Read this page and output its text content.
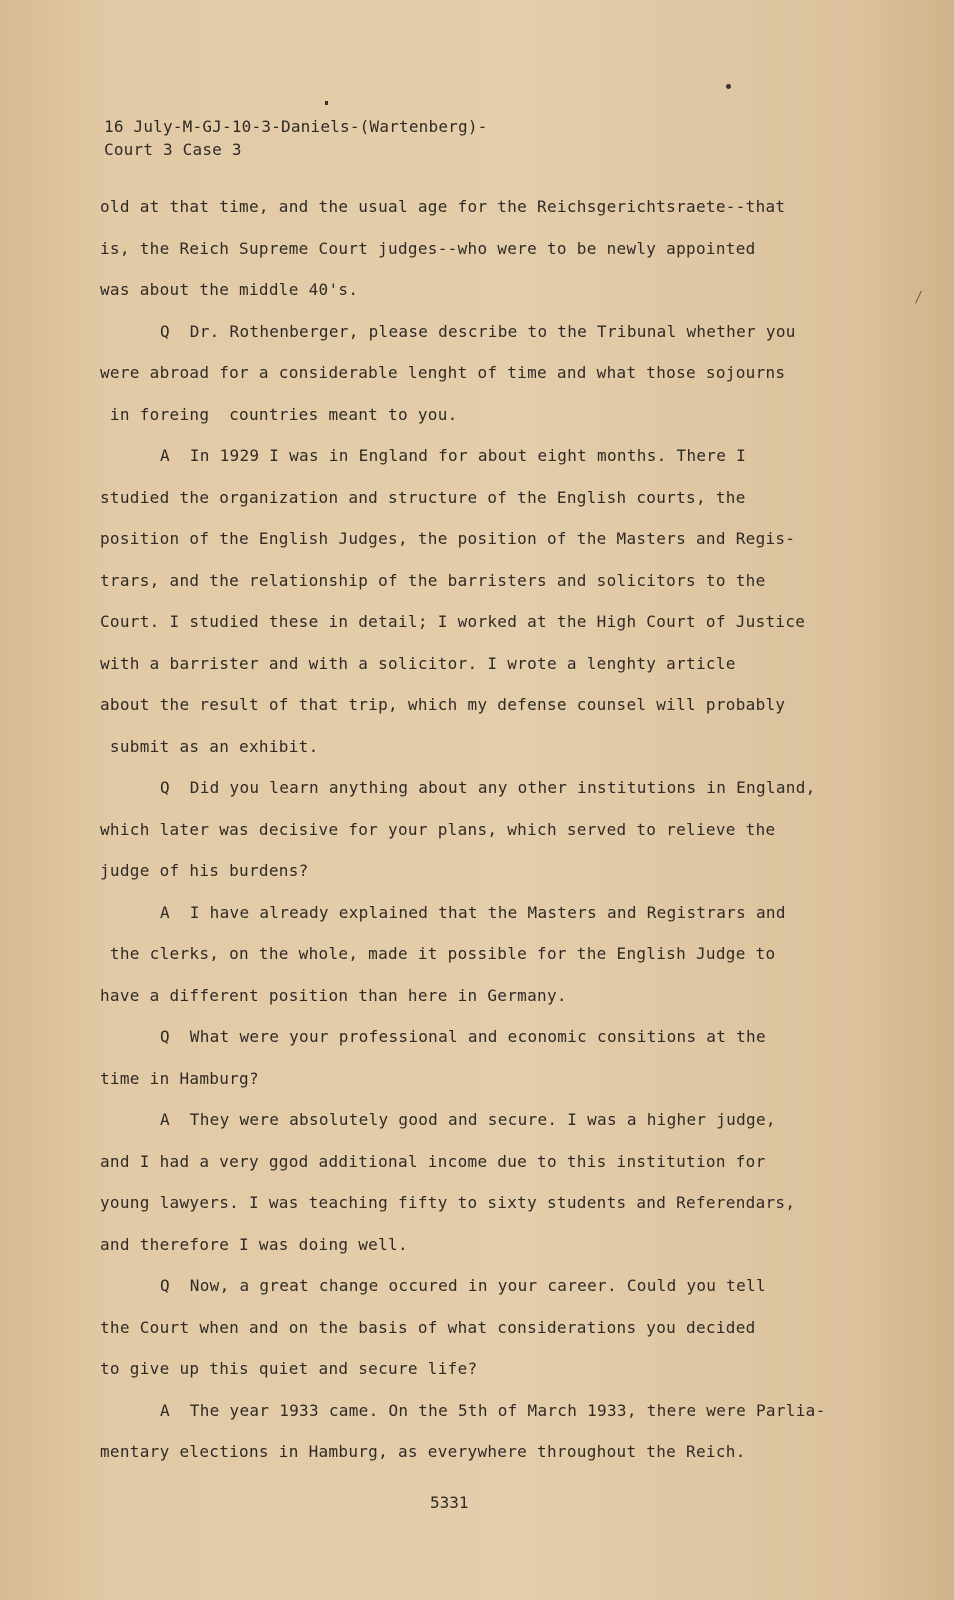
16 July-M-GJ-10-3-Daniels-(Wartenberg)-
Court 3 Case 3
old at that time, and the usual age for the Reichsgerichtsraete--that
is, the Reich Supreme Court judges--who were to be newly appointed
was about the middle 40's.
Q  Dr. Rothenberger, please describe to the Tribunal whether you
were abroad for a considerable lenght of time and what those sojourns
in foreing  countries meant to you.
A  In 1929 I was in England for about eight months. There I
studied the organization and structure of the English courts, the
position of the English Judges, the position of the Masters and Regis-
trars, and the relationship of the barristers and solicitors to the
Court. I studied these in detail; I worked at the High Court of Justice
with a barrister and with a solicitor. I wrote a lenghty article
about the result of that trip, which my defense counsel will probably
submit as an exhibit.
Q  Did you learn anything about any other institutions in England,
which later was decisive for your plans, which served to relieve the
judge of his burdens?
A  I have already explained that the Masters and Registrars and
the clerks, on the whole, made it possible for the English Judge to
have a different position than here in Germany.
Q  What were your professional and economic consitions at the
time in Hamburg?
A  They were absolutely good and secure. I was a higher judge,
and I had a very ggod additional income due to this institution for
young lawyers. I was teaching fifty to sixty students and Referendars,
and therefore I was doing well.
Q  Now, a great change occured in your career. Could you tell
the Court when and on the basis of what considerations you decided
to give up this quiet and secure life?
A  The year 1933 came. On the 5th of March 1933, there were Parlia-
mentary elections in Hamburg, as everywhere throughout the Reich.
5331
